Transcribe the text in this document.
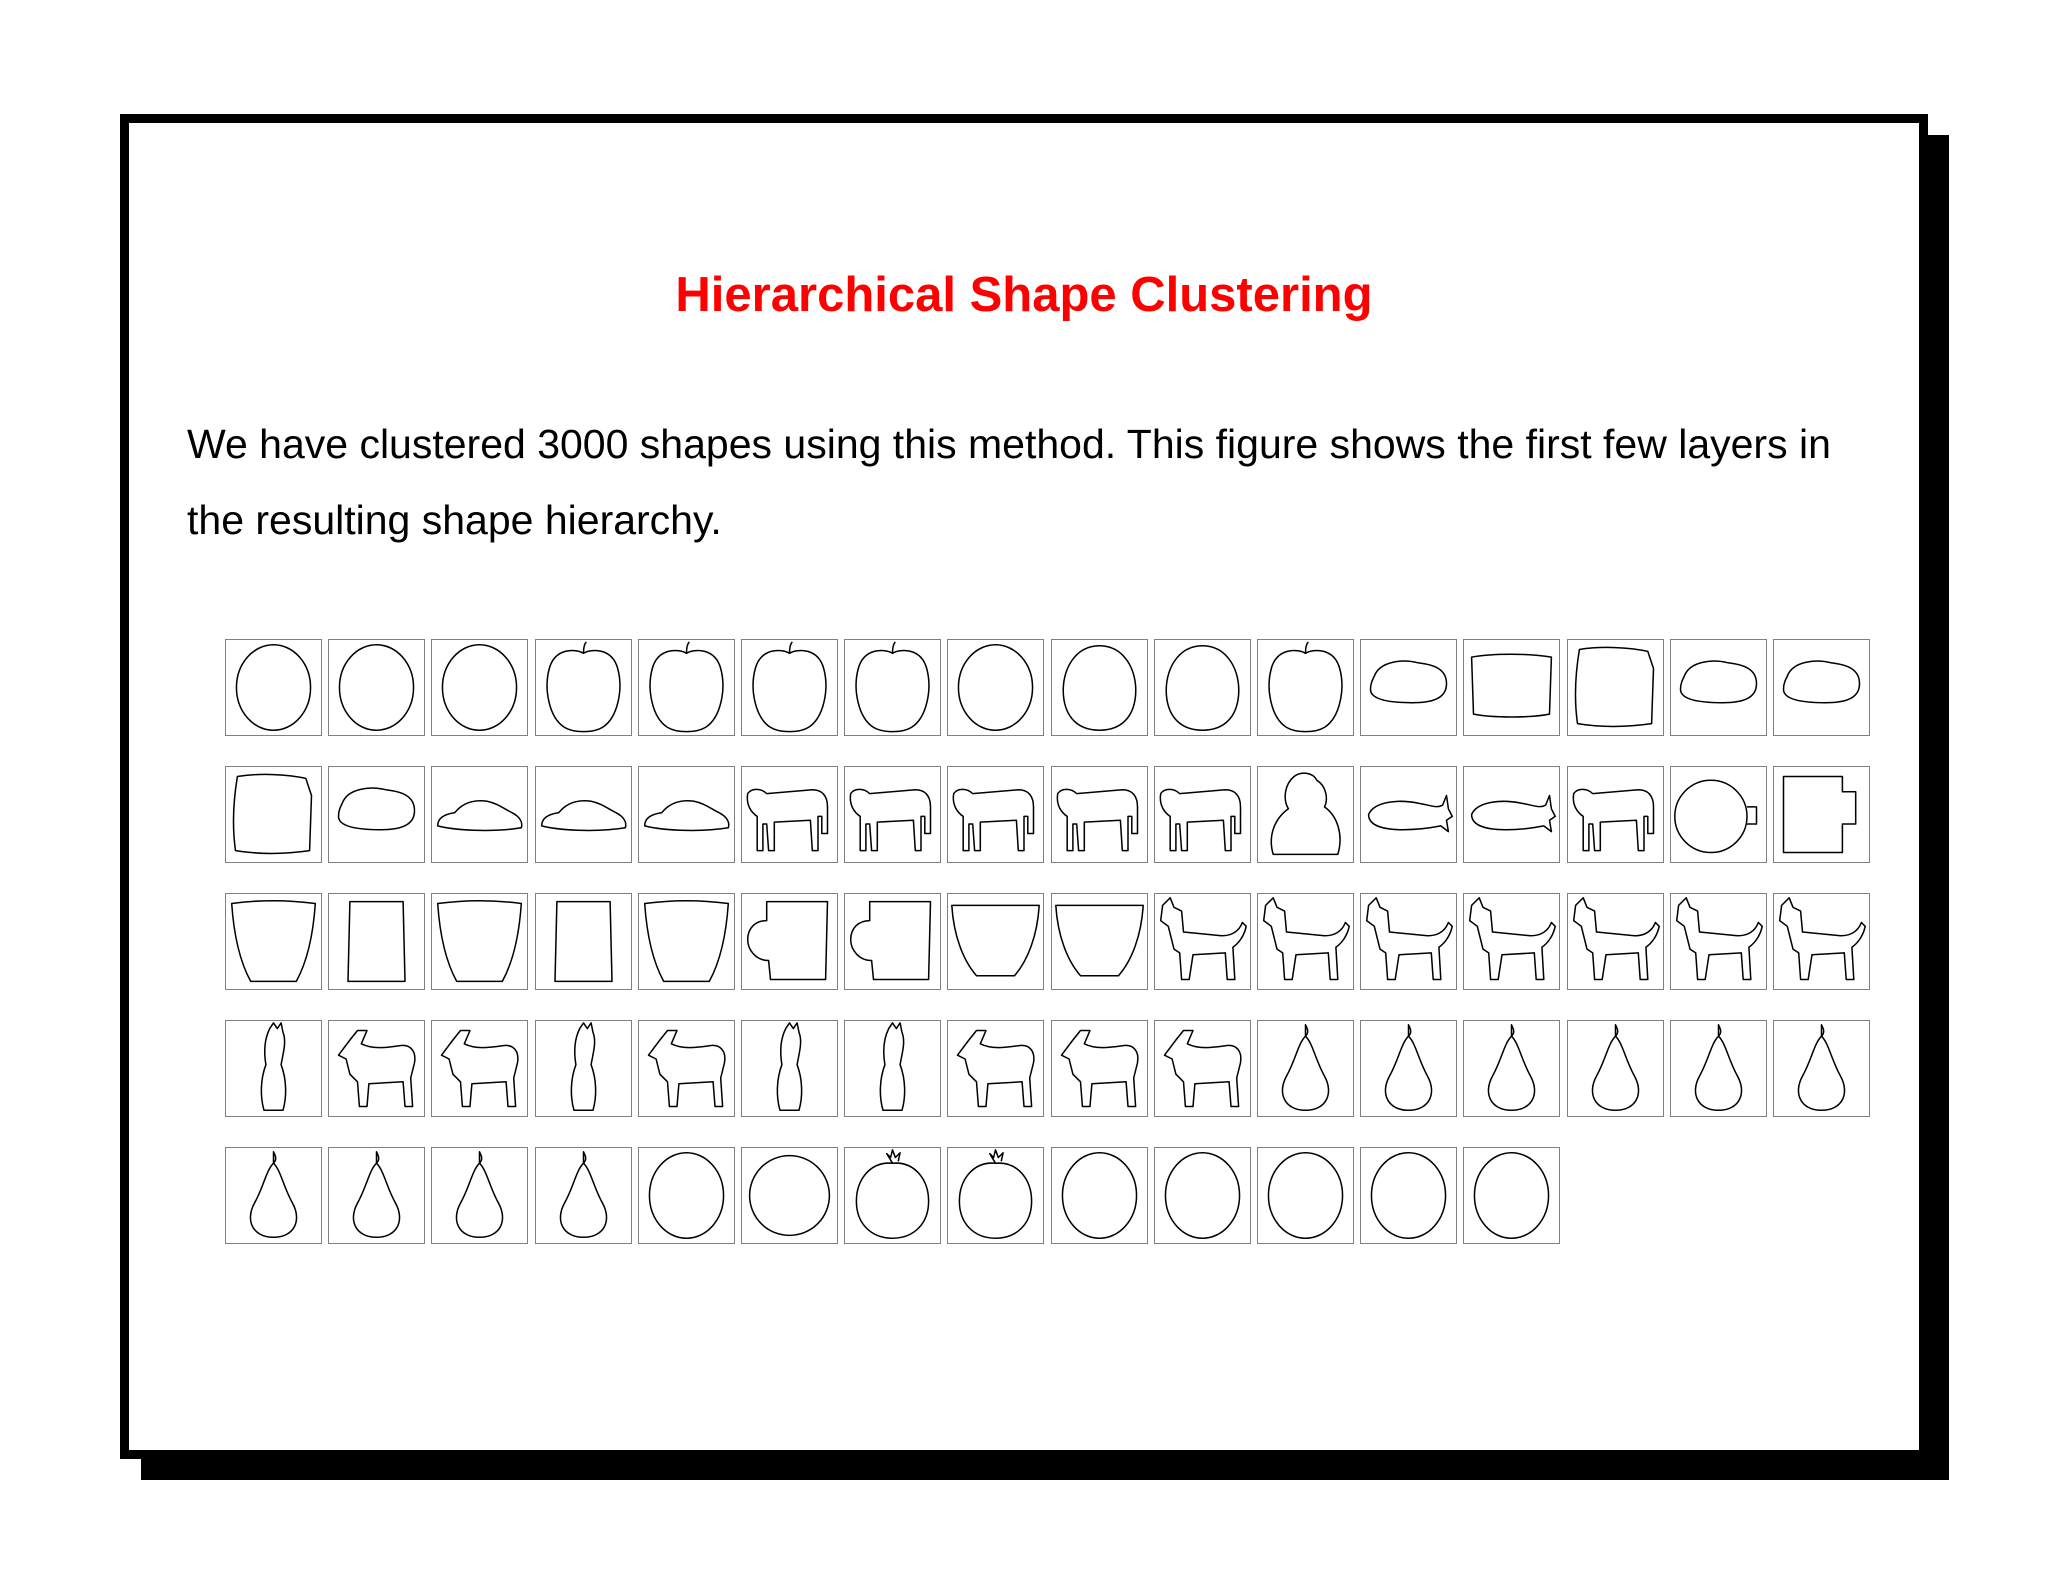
Hierarchical Shape Clustering

We have clustered 3000 shapes using this method. This figure shows the first few layers in the resulting shape hierarchy.
